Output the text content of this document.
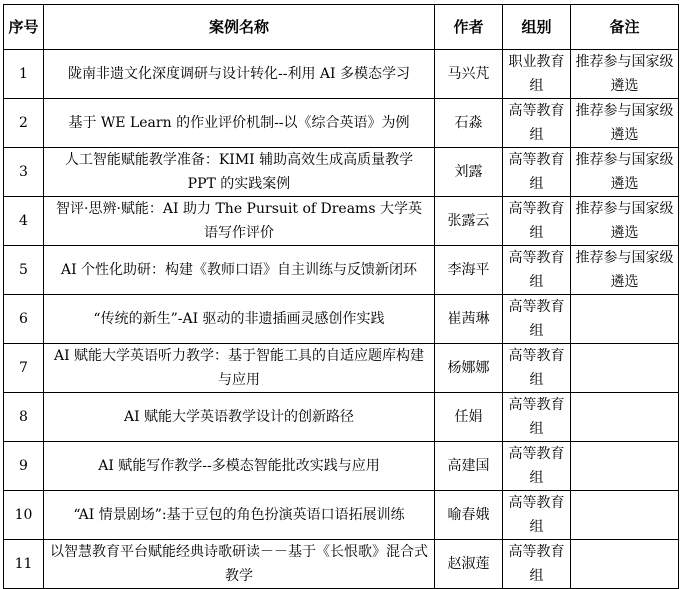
序号	案例名称	作者	组别	备注
1	陇南非遗文化深度调研与设计转化--利用 AI 多模态学习	马兴芃	职业教育组	推荐参与国家级遴选
2	基于 WE Learn 的作业评价机制--以《综合英语》为例	石淼	高等教育组	推荐参与国家级遴选
3	人工智能赋能教学准备：KIMI 辅助高效生成高质量教学 PPT 的实践案例	刘露	高等教育组	推荐参与国家级遴选
4	智评·思辨·赋能：AI 助力 The Pursuit of Dreams 大学英语写作评价	张露云	高等教育组	推荐参与国家级遴选
5	AI 个性化助研：构建《教师口语》自主训练与反馈新闭环	李海平	高等教育组	推荐参与国家级遴选
6	“传统的新生”-AI 驱动的非遗插画灵感创作实践	崔茜琳	高等教育组	
7	AI 赋能大学英语听力教学：基于智能工具的自适应题库构建与应用	杨娜娜	高等教育组	
8	AI 赋能大学英语教学设计的创新路径	任娟	高等教育组	
9	AI 赋能写作教学--多模态智能批改实践与应用	高建国	高等教育组	
10	“AI 情景剧场”:基于豆包的角色扮演英语口语拓展训练	喻春娥	高等教育组	
11	以智慧教育平台赋能经典诗歌研读－－基于《长恨歌》混合式教学	赵淑莲	高等教育组	
